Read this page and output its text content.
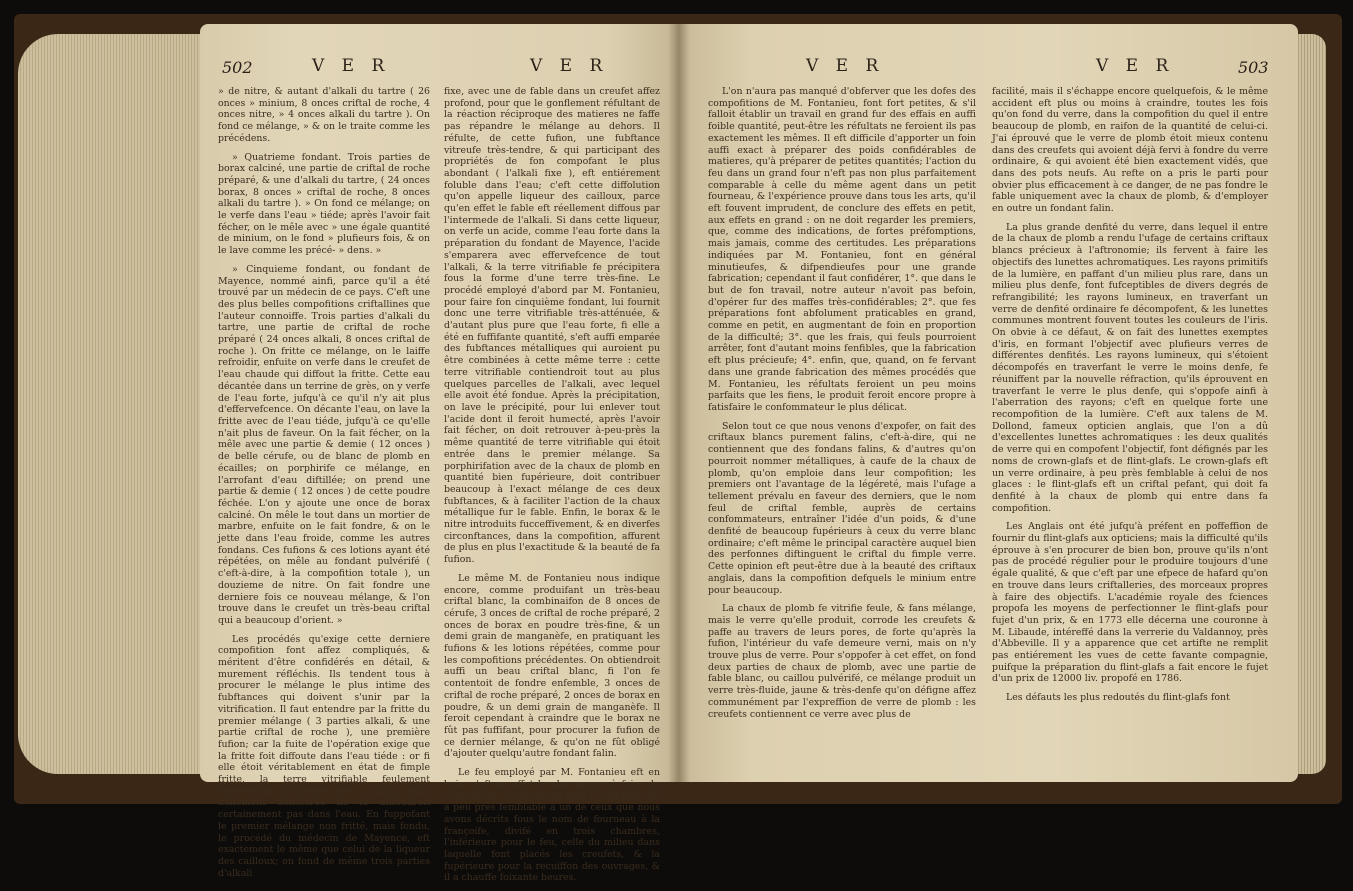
502	V E R	V E R

» de nitre, & autant d'alkali du tartre ( 26 onces » minium, 8 onces criftal de roche, 4 onces nitre, » 4 onces alkali du tartre ). On fond ce mélange, » & on le traite comme les précédens.

» Quatrieme fondant. Trois parties de borax calciné, une partie de criftal de roche préparé, & une d'alkali du tartre, ( 24 onces borax, 8 onces » criftal de roche, 8 onces alkali du tartre ). » On fond ce mélange; on le verfe dans l'eau » tiéde; après l'avoir fait fécher, on le mêle avec » une égale quantité de minium, on le fond » plufieurs fois, & on le lave comme les précé- » dens. »

» Cinquieme fondant, ou fondant de Mayence, nommé ainfi, parce qu'il a été trouvé par un médecin de ce pays. C'eft une des plus belles compofitions criftallines que l'auteur connoiffe. Trois parties d'alkali du tartre, une partie de criftal de roche préparé ( 24 onces alkali, 8 onces criftal de roche ). On fritte ce mélange, on le laiffe refroidir, enfuite on verfe dans le creufet de l'eau chaude qui diffout la fritte. Cette eau décantée dans un terrine de grès, on y verfe de l'eau forte, jufqu'à ce qu'il n'y ait plus d'effervefcence. On décante l'eau, on lave la fritte avec de l'eau tiéde, jufqu'à ce qu'elle n'ait plus de faveur. On la fait fécher, on la mêle avec une partie & demie ( 12 onces ) de belle cérufe, ou de blanc de plomb en écailles; on porphirife ce mélange, en l'arrofant d'eau diftillée; on prend une partie & demie ( 12 onces ) de cette poudre féchée. L'on y ajoute une once de borax calciné. On mêle le tout dans un mortier de marbre, enfuite on le fait fondre, & on le jette dans l'eau froide, comme les autres fondans. Ces fufions & ces lotions ayant été répétées, on mêle au fondant pulvérifé ( c'eft-à-dire, à la compofition totale ), un douzieme de nitre. On fait fondre une derniere fois ce nouveau mélange, & l'on trouve dans le creufet un très-beau criftal qui a beaucoup d'orient. »

Les procédés qu'exige cette derniere compofition font affez compliqués, & méritent d'être confidérés en détail, & murement réfléchis. Ils tendent tous à procurer le mélange le plus intime des fubftances qui doivent s'unir par la vitrification. Il faut entendre par la fritte du premier mélange ( 3 parties alkali, & une partie criftal de roche ), une première fufion; car la fuite de l'opération exige que la fritte foit diffoute dans l'eau tiéde : or fi elle étoit véritablement en état de fimple fritte, la terre vitrifiable feulement légérement combinée avec l'alkali, mais nullement dénaturée ne fe diffoudroit certainement pas dans l'eau. En fuppofant le premier mélange non fritté, mais fondu, le procédé du médecin de Mayence, eft exactement le même que celui de la liqueur des cailloux; on fond de même trois parties d'alkali

fixe, avec une de fable dans un creufet affez profond, pour que le gonflement réfultant de la réaction réciproque des matieres ne faffe pas répandre le mélange au dehors. Il réfulte, de cette fufion, une fubftance vitreufe très-tendre, & qui participant des propriétés de fon compofant le plus abondant ( l'alkali fixe ), eft entiérement foluble dans l'eau; c'eft cette diffolution qu'on appelle liqueur des cailloux, parce qu'en effet le fable eft réellement diffous par l'intermede de l'alkali. Si dans cette liqueur, on verfe un acide, comme l'eau forte dans la préparation du fondant de Mayence, l'acide s'emparera avec effervefcence de tout l'alkali, & la terre vitrifiable fe précipitera fous la forme d'une terre très-fine. Le procédé employé d'abord par M. Fontanieu, pour faire fon cinquième fondant, lui fournit donc une terre vitrifiable très-atténuée, & d'autant plus pure que l'eau forte, fi elle a été en fuffifante quantité, s'eft auffi emparée des fubftances métalliques qui auroient pu être combinées à cette même terre : cette terre vitrifiable contiendroit tout au plus quelques parcelles de l'alkali, avec lequel elle avoit été fondue. Après la précipitation, on lave le précipité, pour lui enlever tout l'acide dont il feroit humecté, après l'avoir fait fécher, on doit retrouver à-peu-près la même quantité de terre vitrifiable qui étoit entrée dans le premier mélange. Sa porphirifation avec de la chaux de plomb en quantité bien fupérieure, doit contribuer beaucoup à l'exact mélange de ces deux fubftances, & à faciliter l'action de la chaux métallique fur le fable. Enfin, le borax & le nitre introduits fucceffivement, & en diverfes circonftances, dans la compofition, affurent de plus en plus l'exactitude & la beauté de fa fufion.

Le même M. de Fontanieu nous indique encore, comme produifant un très-beau criftal blanc, la combinaifon de 8 onces de cérufe, 3 onces de criftal de roche préparé, 2 onces de borax en poudre très-fine, & un demi grain de manganèfe, en pratiquant les fufions & les lotions répétées, comme pour les compofitions précédentes. On obtiendroit auffi un beau criftal blanc, fi l'on fe contentoit de fondre enfemble, 3 onces de criftal de roche préparé, 2 onces de borax en poudre, & un demi grain de manganèfe. Il feroit cependant à craindre que le borax ne fût pas fuffifant, pour procurer la fufion de ce dernier mélange, & qu'on ne fût obligé d'ajouter quelqu'autre fondant falin.

Le feu employé par M. Fontanieu eft en bois; c'eft en effet le plus propre à faire du verre blanc. Le fourneau dont il s'eft fervi eft à peu près femblable à un de ceux que nous avons décrits fous le nom de fourneau à la françoife, divifé en trois chambres, l'inférieure pour le feu, celle du milieu dans laquelle font placés les creufets, & la fupérieure pour la recuiffon des ouvrages, & il a chauffe foixante heures.

V E R	V E R	503

L'on n'aura pas manqué d'obferver que les dofes des compofitions de M. Fontanieu, font fort petites, & s'il falloit établir un travail en grand fur des effais en auffi foible quantité, peut-être les réfultats ne feroient ils pas exactement les mêmes. Il eft difficile d'apporter un foin auffi exact à préparer des poids confidérables de matieres, qu'à préparer de petites quantités; l'action du feu dans un grand four n'eft pas non plus parfaitement comparable à celle du même agent dans un petit fourneau, & l'expérience prouve dans tous les arts, qu'il eft fouvent imprudent, de conclure des effets en petit, aux effets en grand : on ne doit regarder les premiers, que, comme des indications, de fortes préfomptions, mais jamais, comme des certitudes. Les préparations indiquées par M. Fontanieu, font en général minutieufes, & difpendieufes pour une grande fabrication; cependant il faut confidérer, 1°. que dans le but de fon travail, notre auteur n'avoit pas befoin, d'opérer fur des maffes très-confidérables; 2°. que fes préparations font abfolument praticables en grand, comme en petit, en augmentant de foin en proportion de la difficulté; 3°. que les frais, qui feuls pourroient arrêter, font d'autant moins fenfibles, que la fabrication eft plus précieufe; 4°. enfin, que, quand, on fe fervant dans une grande fabrication des mêmes procédés que M. Fontanieu, les réfultats feroient un peu moins parfaits que les fiens, le produit feroit encore propre à fatisfaire le confommateur le plus délicat.

Selon tout ce que nous venons d'expofer, on fait des criftaux blancs purement falins, c'eft-à-dire, qui ne contiennent que des fondans falins, & d'autres qu'on pourroit nommer métalliques, à caufe de la chaux de plomb, qu'on emploie dans leur compofition; les premiers ont l'avantage de la légéreté, mais l'ufage a tellement prévalu en faveur des derniers, que le nom feul de criftal femble, auprès de certains confommateurs, entraîner l'idée d'un poids, & d'une denfité de beaucoup fupérieurs à ceux du verre blanc ordinaire; c'eft même le principal caractère auquel bien des perfonnes diftinguent le criftal du fimple verre. Cette opinion eft peut-être due à la beauté des criftaux anglais, dans la compofition defquels le minium entre pour beaucoup.

La chaux de plomb fe vitrifie feule, & fans mélange, mais le verre qu'elle produit, corrode les creufets & paffe au travers de leurs pores, de forte qu'après la fufion, l'intérieur du vafe demeure verni, mais on n'y trouve plus de verre. Pour s'oppofer à cet effet, on fond deux parties de chaux de plomb, avec une partie de fable blanc, ou caillou pulvérifé, ce mélange produit un verre très-fluide, jaune & très-denfe qu'on défigne affez communément par l'expreffion de verre de plomb : les creufets contiennent ce verre avec plus de

facilité, mais il s'échappe encore quelquefois, & le même accident eft plus ou moins à craindre, toutes les fois qu'on fond du verre, dans la compofition du quel il entre beaucoup de plomb, en raifon de la quantité de celui-ci. J'ai éprouvé que le verre de plomb étoit mieux contenu dans des creufets qui avoient déjà fervi à fondre du verre ordinaire, & qui avoient été bien exactement vidés, que dans des pots neufs. Au refte on a pris le parti pour obvier plus efficacement à ce danger, de ne pas fondre le fable uniquement avec la chaux de plomb, & d'employer en outre un fondant falin.

La plus grande denfité du verre, dans lequel il entre de la chaux de plomb a rendu l'ufage de certains criftaux blancs précieux à l'aftronomie; ils fervent à faire les objectifs des lunettes achromatiques. Les rayons primitifs de la lumière, en paffant d'un milieu plus rare, dans un milieu plus denfe, font fufceptibles de divers degrés de refrangibilité; les rayons lumineux, en traverfant un verre de denfité ordinaire fe décompofent, & les lunettes communes montrent fouvent toutes les couleurs de l'iris. On obvie à ce défaut, & on fait des lunettes exemptes d'iris, en formant l'objectif avec plufieurs verres de différentes denfités. Les rayons lumineux, qui s'étoient décompofés en traverfant le verre le moins denfe, fe réuniffent par la nouvelle réfraction, qu'ils éprouvent en traverfant le verre le plus denfe, qui s'oppofe ainfi à l'aberration des rayons; c'eft en quelque forte une recompofition de la lumière. C'eft aux talens de M. Dollond, fameux opticien anglais, que l'on a dû d'excellentes lunettes achromatiques : les deux qualités de verre qui en compofent l'objectif, font défignés par les noms de crown-glafs et de flint-glafs. Le crown-glafs eft un verre ordinaire, à peu près femblable à celui de nos glaces : le flint-glafs eft un criftal pefant, qui doit fa denfité à la chaux de plomb qui entre dans fa compofition.

Les Anglais ont été jufqu'à préfent en poffeffion de fournir du flint-glafs aux opticiens; mais la difficulté qu'ils éprouve à s'en procurer de bien bon, prouve qu'ils n'ont pas de procédé régulier pour le produire toujours d'une égale qualité, & que c'eft par une efpece de hafard qu'on en trouve dans leurs criftalleries, des morceaux propres à faire des objectifs. L'académie royale des fciences propofa les moyens de perfectionner le flint-glafs pour fujet d'un prix, & en 1773 elle décerna une couronne à M. Libaude, intéreffé dans la verrerie du Valdannoy, près d'Abbeville. Il y a apparence que cet artifte ne remplit pas entiérement les vues de cette favante compagnie, puifque la préparation du flint-glafs a fait encore le fujet d'un prix de 12000 liv. propofé en 1786.

Les défauts les plus redoutés du flint-glafs font
